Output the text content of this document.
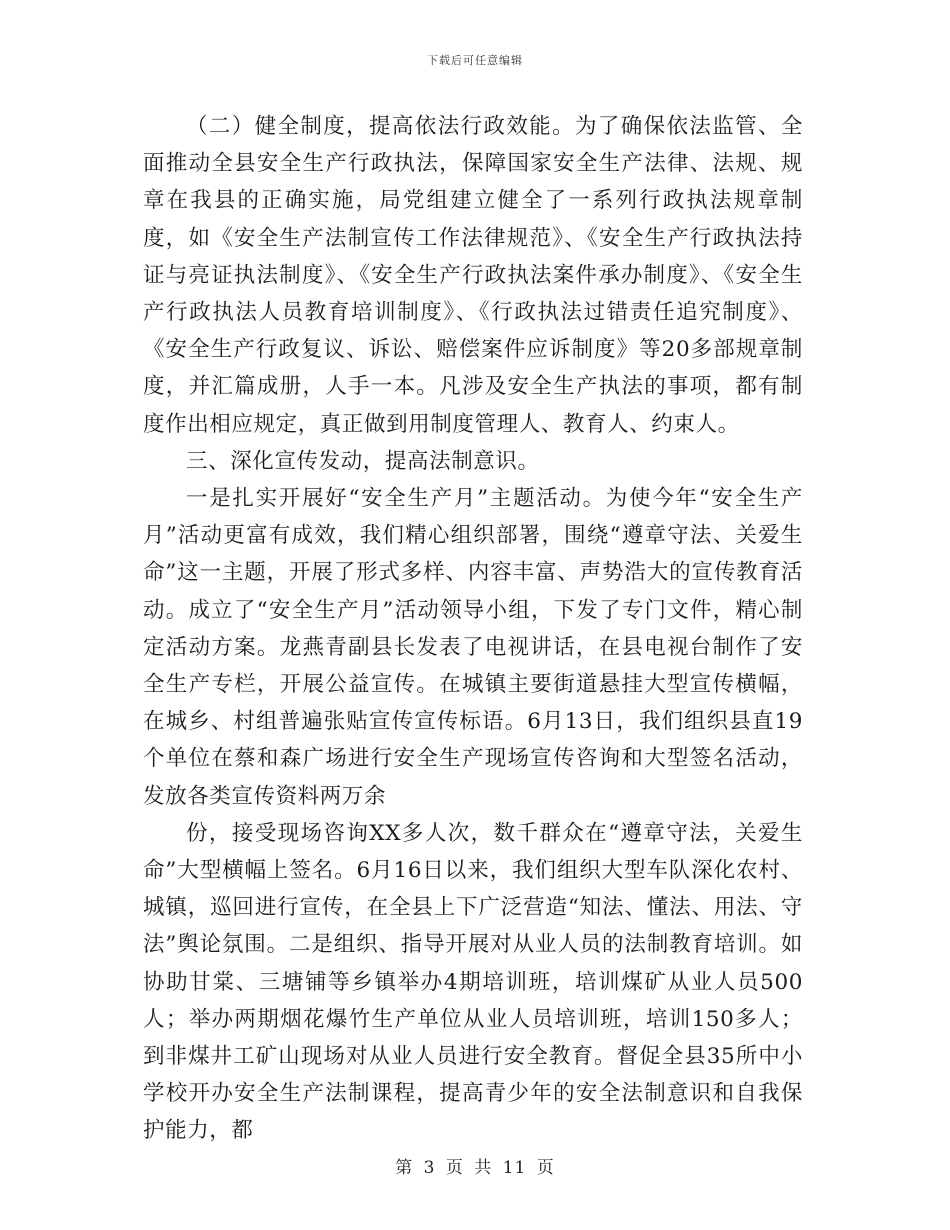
下载后可任意编辑

（二）健全制度，提高依法行政效能。为了确保依法监管、全面推动全县安全生产行政执法，保障国家安全生产法律、法规、规章在我县的正确实施，局党组建立健全了一系列行政执法规章制度，如《安全生产法制宣传工作法律规范》、《安全生产行政执法持证与亮证执法制度》、《安全生产行政执法案件承办制度》、《安全生产行政执法人员教育培训制度》、《行政执法过错责任追究制度》、《安全生产行政复议、诉讼、赔偿案件应诉制度》等20多部规章制度，并汇篇成册，人手一本。凡涉及安全生产执法的事项，都有制度作出相应规定，真正做到用制度管理人、教育人、约束人。

三、深化宣传发动，提高法制意识。

一是扎实开展好“安全生产月”主题活动。为使今年“安全生产月”活动更富有成效，我们精心组织部署，围绕“遵章守法、关爱生命”这一主题，开展了形式多样、内容丰富、声势浩大的宣传教育活动。成立了“安全生产月”活动领导小组，下发了专门文件，精心制定活动方案。龙燕青副县长发表了电视讲话，在县电视台制作了安全生产专栏，开展公益宣传。在城镇主要街道悬挂大型宣传横幅，在城乡、村组普遍张贴宣传宣传标语。6月13日，我们组织县直19个单位在蔡和森广场进行安全生产现场宣传咨询和大型签名活动，发放各类宣传资料两万余

份，接受现场咨询XX多人次，数千群众在“遵章守法，关爱生命”大型横幅上签名。6月16日以来，我们组织大型车队深化农村、城镇，巡回进行宣传，在全县上下广泛营造“知法、懂法、用法、守法”舆论氛围。二是组织、指导开展对从业人员的法制教育培训。如协助甘棠、三塘铺等乡镇举办4期培训班，培训煤矿从业人员500人；举办两期烟花爆竹生产单位从业人员培训班，培训150多人；到非煤井工矿山现场对从业人员进行安全教育。督促全县35所中小学校开办安全生产法制课程，提高青少年的安全法制意识和自我保护能力，都

第 3 页 共 11 页
